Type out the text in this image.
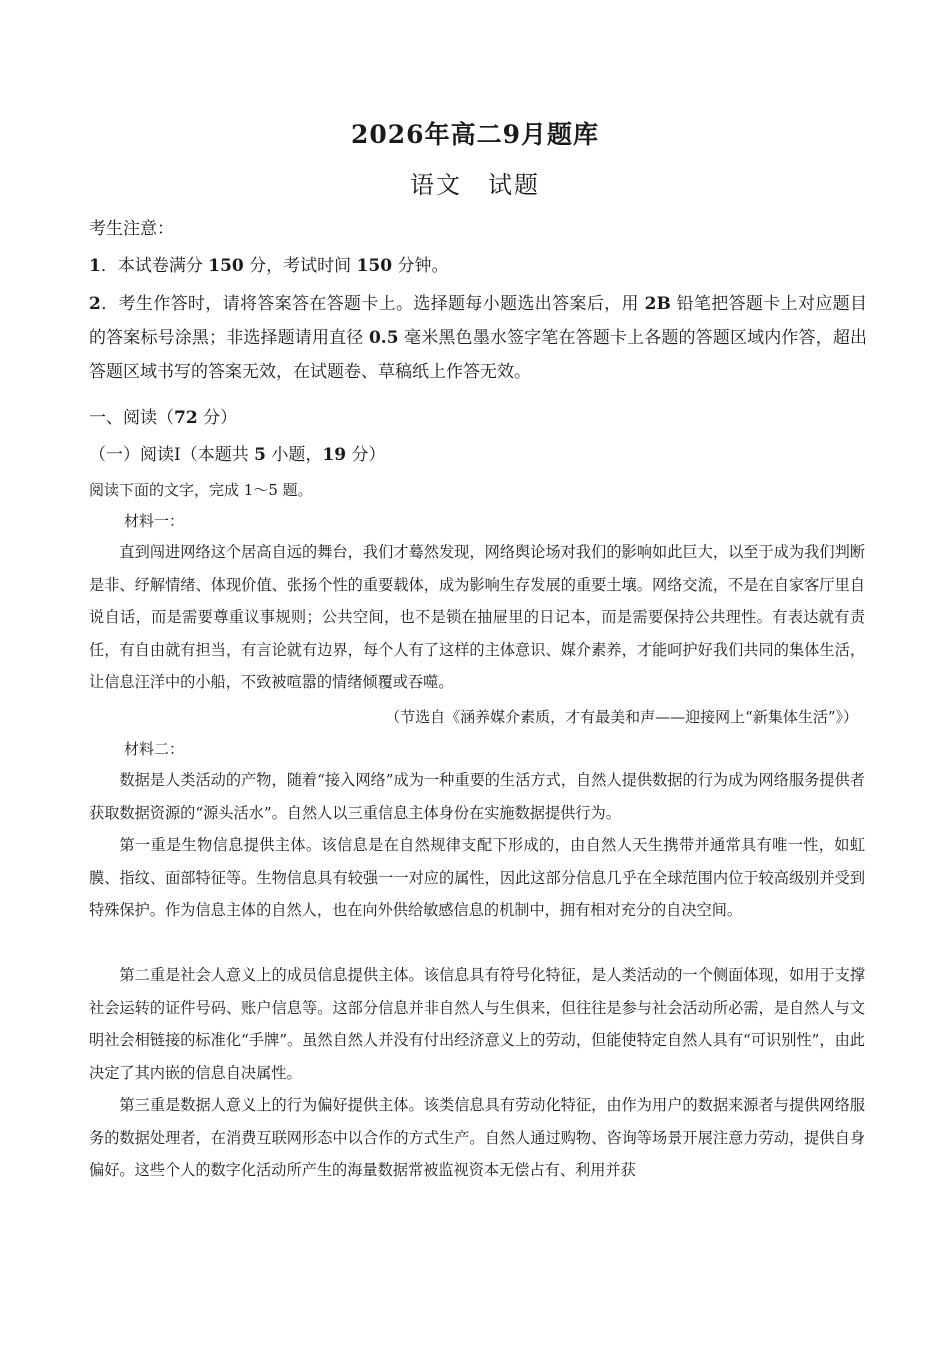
2026年高二9月题库
语文　试题
考生注意：
1．本试卷满分 150 分，考试时间 150 分钟。
2．考生作答时，请将答案答在答题卡上。选择题每小题选出答案后，用 2B 铅笔把答题卡上对应题目的答案标号涂黑；非选择题请用直径 0.5 毫米黑色墨水签字笔在答题卡上各题的答题区域内作答，超出答题区域书写的答案无效，在试题卷、草稿纸上作答无效。
一、阅读（72 分）
（一）阅读Ⅰ（本题共 5 小题，19 分）
阅读下面的文字，完成 1～5 题。
材料一：
直到闯进网络这个居高自远的舞台，我们才蓦然发现，网络舆论场对我们的影响如此巨大，以至于成为我们判断是非、纾解情绪、体现价值、张扬个性的重要载体，成为影响生存发展的重要土壤。网络交流，不是在自家客厅里自说自话，而是需要尊重议事规则；公共空间，也不是锁在抽屉里的日记本，而是需要保持公共理性。有表达就有责任，有自由就有担当，有言论就有边界，每个人有了这样的主体意识、媒介素养，才能呵护好我们共同的集体生活，让信息汪洋中的小船，不致被喧嚣的情绪倾覆或吞噬。
（节选自《涵养媒介素质，才有最美和声——迎接网上“新集体生活”》）
材料二：
数据是人类活动的产物，随着“接入网络”成为一种重要的生活方式，自然人提供数据的行为成为网络服务提供者获取数据资源的“源头活水”。自然人以三重信息主体身份在实施数据提供行为。
第一重是生物信息提供主体。该信息是在自然规律支配下形成的，由自然人天生携带并通常具有唯一性，如虹膜、指纹、面部特征等。生物信息具有较强一一对应的属性，因此这部分信息几乎在全球范围内位于较高级别并受到特殊保护。作为信息主体的自然人，也在向外供给敏感信息的机制中，拥有相对充分的自决空间。
第二重是社会人意义上的成员信息提供主体。该信息具有符号化特征，是人类活动的一个侧面体现，如用于支撑社会运转的证件号码、账户信息等。这部分信息并非自然人与生俱来，但往往是参与社会活动所必需，是自然人与文明社会相链接的标准化“手牌”。虽然自然人并没有付出经济意义上的劳动，但能使特定自然人具有“可识别性”，由此决定了其内嵌的信息自决属性。
第三重是数据人意义上的行为偏好提供主体。该类信息具有劳动化特征，由作为用户的数据来源者与提供网络服务的数据处理者，在消费互联网形态中以合作的方式生产。自然人通过购物、咨询等场景开展注意力劳动，提供自身偏好。这些个人的数字化活动所产生的海量数据常被监视资本无偿占有、利用并获
